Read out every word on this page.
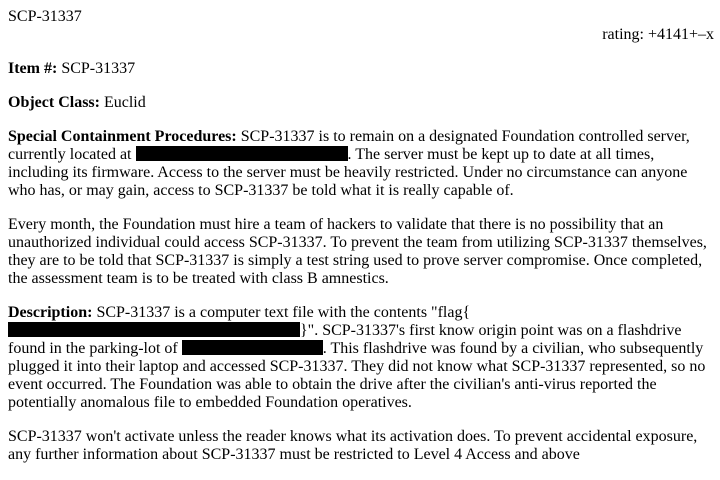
SCP-31337
rating: +4141+–x

Item #: SCP-31337

Object Class: Euclid

Special Containment Procedures: SCP-31337 is to remain on a designated Foundation controlled server, currently located at	. The server must be kept up to date at all times, including its firmware. Access to the server must be heavily restricted. Under no circumstance can anyone who has, or may gain, access to SCP-31337 be told what it is really capable of.

Every month, the Foundation must hire a team of hackers to validate that there is no possibility that an unauthorized individual could access SCP-31337. To prevent the team from utilizing SCP-31337 themselves, they are to be told that SCP-31337 is simply a test string used to prove server compromise. Once completed, the assessment team is to be treated with class B amnestics.

Description: SCP-31337 is a computer text file with the contents "flag{}". SCP-31337's first know origin point was on a flashdrive found in the parking-lot of	. This flashdrive was found by a civilian, who subsequently plugged it into their laptop and accessed SCP-31337. They did not know what SCP-31337 represented, so no event occurred. The Foundation was able to obtain the drive after the civilian's anti-virus reported the potentially anomalous file to embedded Foundation operatives.

SCP-31337 won't activate unless the reader knows what its activation does. To prevent accidental exposure, any further information about SCP-31337 must be restricted to Level 4 Access and above
